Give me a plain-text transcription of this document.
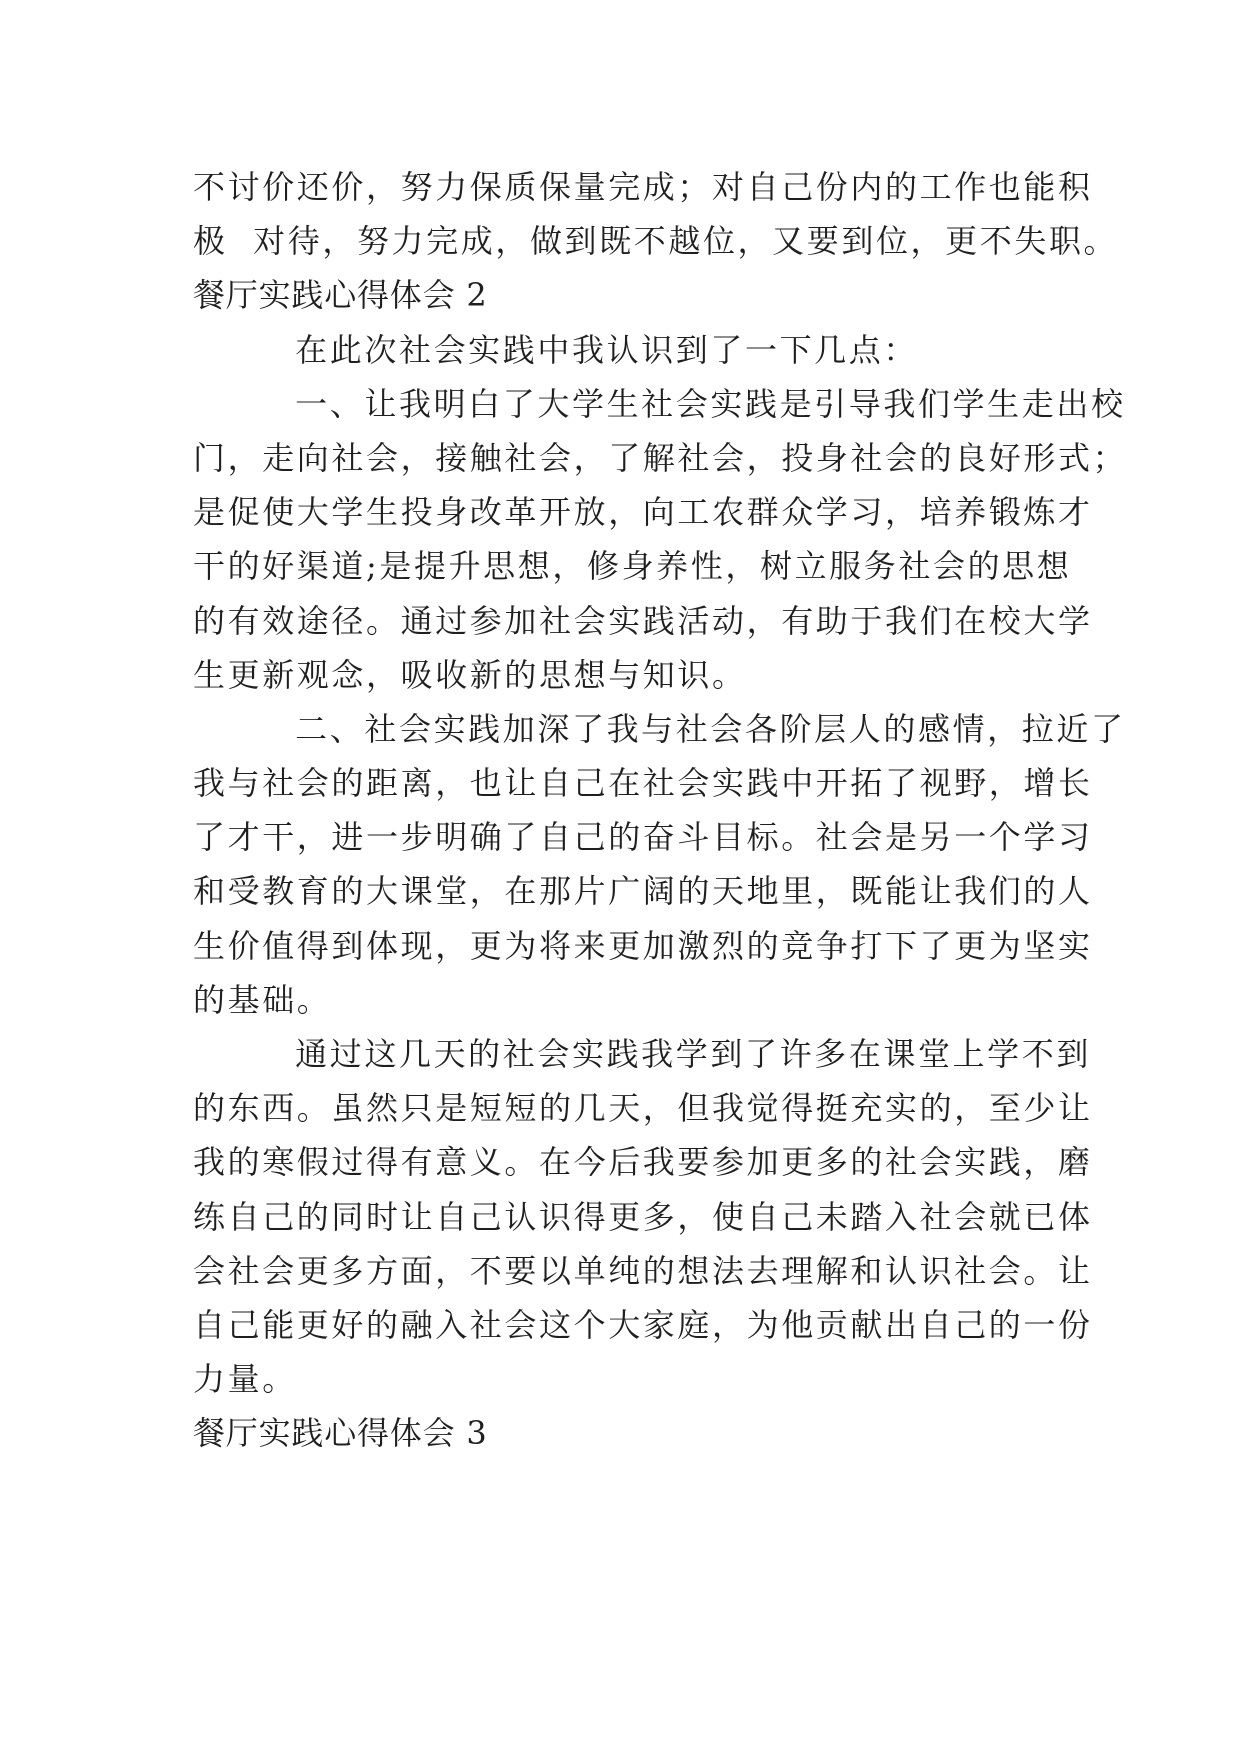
不讨价还价，努力保质保量完成；对自己份内的工作也能积
极  对待，努力完成，做到既不越位，又要到位，更不失职。
餐厅实践心得体会 2
在此次社会实践中我认识到了一下几点：
一、让我明白了大学生社会实践是引导我们学生走出校
门，走向社会，接触社会，了解社会，投身社会的良好形式；
是促使大学生投身改革开放，向工农群众学习，培养锻炼才
干的好渠道;是提升思想，修身养性，树立服务社会的思想
的有效途径。通过参加社会实践活动，有助于我们在校大学
生更新观念，吸收新的思想与知识。
二、社会实践加深了我与社会各阶层人的感情，拉近了
我与社会的距离，也让自己在社会实践中开拓了视野，增长
了才干，进一步明确了自己的奋斗目标。社会是另一个学习
和受教育的大课堂，在那片广阔的天地里，既能让我们的人
生价值得到体现，更为将来更加激烈的竞争打下了更为坚实
的基础。
通过这几天的社会实践我学到了许多在课堂上学不到
的东西。虽然只是短短的几天，但我觉得挺充实的，至少让
我的寒假过得有意义。在今后我要参加更多的社会实践，磨
练自己的同时让自己认识得更多，使自己未踏入社会就已体
会社会更多方面，不要以单纯的想法去理解和认识社会。让
自己能更好的融入社会这个大家庭，为他贡献出自己的一份
力量。
餐厅实践心得体会 3
